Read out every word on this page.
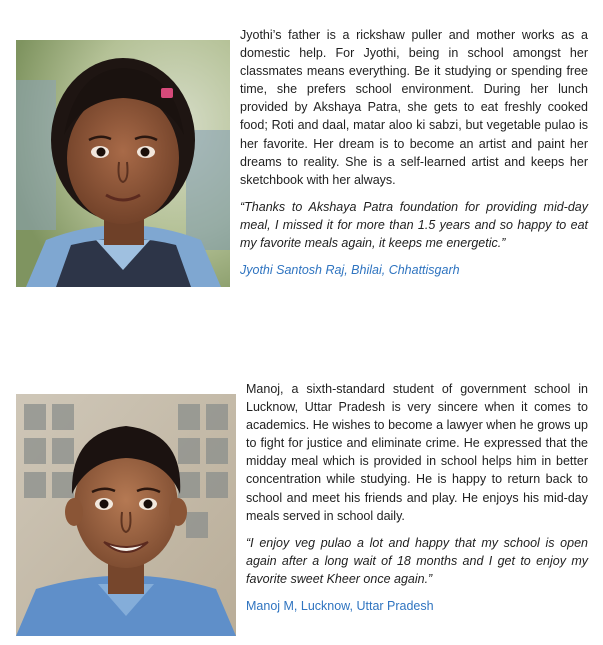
Jyothi’s father is a rickshaw puller and mother works as a domestic help. For Jyothi, being in school amongst her classmates means everything. Be it studying or spending free time, she prefers school environment. During her lunch provided by Akshaya Patra, she gets to eat freshly cooked food; Roti and daal, matar aloo ki sabzi, but vegetable pulao is her favorite. Her dream is to become an artist and paint her dreams to reality. She is a self-learned artist and keeps her sketchbook with her always.

“Thanks to Akshaya Patra foundation for providing mid-day meal, I missed it for more than 1.5 years and so happy to eat my favorite meals again, it keeps me energetic.”

Jyothi Santosh Raj, Bhilai, Chhattisgarh

Manoj, a sixth-standard student of government school in Lucknow, Uttar Pradesh is very sincere when it comes to academics. He wishes to become a lawyer when he grows up to fight for justice and eliminate crime. He expressed that the midday meal which is provided in school helps him in better concentration while studying. He is happy to return back to school and meet his friends and play. He enjoys his mid-day meals served in school daily.

“I enjoy veg pulao a lot and happy that my school is open again after a long wait of 18 months and I get to enjoy my favorite sweet Kheer once again.”

Manoj M, Lucknow, Uttar Pradesh
